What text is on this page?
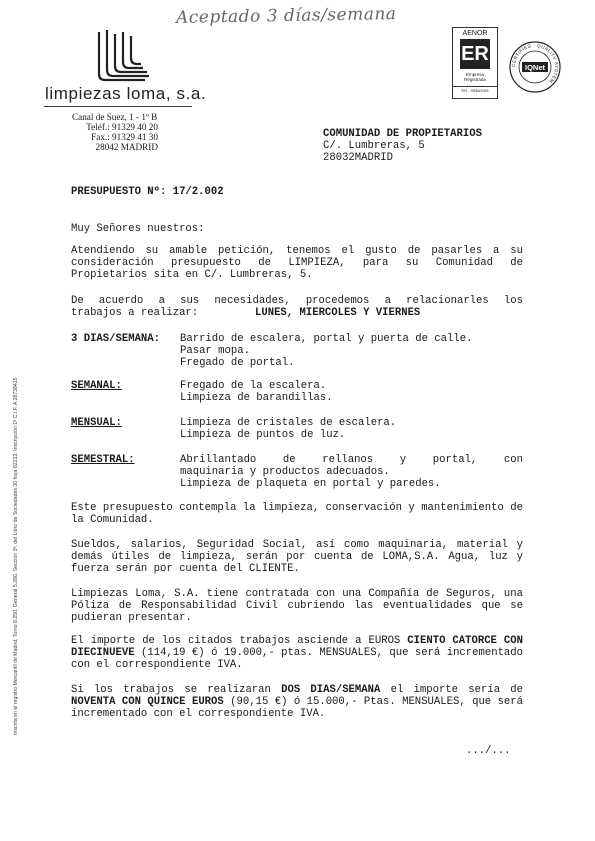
Aceptado 3 días/semana
limpiezas loma, s.a.
Canal de Suez, 1 - 1º B
Teléf.: 91329 40 20
Fax.: 91329 41 30
28042 MADRID
AENOR
ER
Empresa
Registrada
ER - 0936/2/03
CERTIFIED · QUALITY SYSTEM ·
IQNet
COMUNIDAD DE PROPIETARIOS
C/. Lumbreras, 5
28032MADRID
Inscrita en el registro Mercantil de Madrid, Tomo 8.250, General 5.280, Sección 3ª, del Libro de Sociedades 30 hoja 82232, Inscripción 1ª C.I.F. A 28738415
PRESUPUESTO Nº: 17/2.002
Muy Señores nuestros:
Atendiendo su amable petición, tenemos el gusto de pasarles a su consideración presupuesto de LIMPIEZA, para su Comunidad de Propietarios sita en C/. Lumbreras, 5.
De acuerdo a sus necesidades, procedemos a relacionarles los
trabajos a realizar:	LUNES, MIERCOLES Y VIERNES
3 DIAS/SEMANA: Barrido de escalera, portal y puerta de calle.
Pasar mopa.
Fregado de portal.
SEMANAL:	Fregado de la escalera.
Limpieza de barandillas.
MENSUAL:	Limpieza de cristales de escalera.
Limpieza de puntos de luz.
SEMESTRAL:	Abrillantado de rellanos y portal, con
maquinaria y productos adecuados.
Limpieza de plaqueta en portal y paredes.
Este presupuesto contempla la limpieza, conservación y mantenimiento de la Comunidad.
Sueldos, salarios, Seguridad Social, así como maquinaria, material y demás útiles de limpieza, serán por cuenta de LOMA,S.A. Agua, luz y fuerza serán por cuenta del CLIENTE.
Limpiezas Loma, S.A. tiene contratada con una Compañía de Seguros, una Póliza de Responsabilidad Civil cubriendo las eventualidades que se pudieran presentar.
El importe de los citados trabajos asciende a EUROS CIENTO CATORCE CON DIECINUEVE (114,19 €) ó 19.000,- ptas. MENSUALES, que será incrementado con el correspondiente IVA.
Si los trabajos se realizaran DOS DIAS/SEMANA el importe sería de NOVENTA CON QUINCE EUROS (90,15 €) ó 15.000,- Ptas. MENSUALES, que será incrementado con el correspondiente IVA.
.../...
